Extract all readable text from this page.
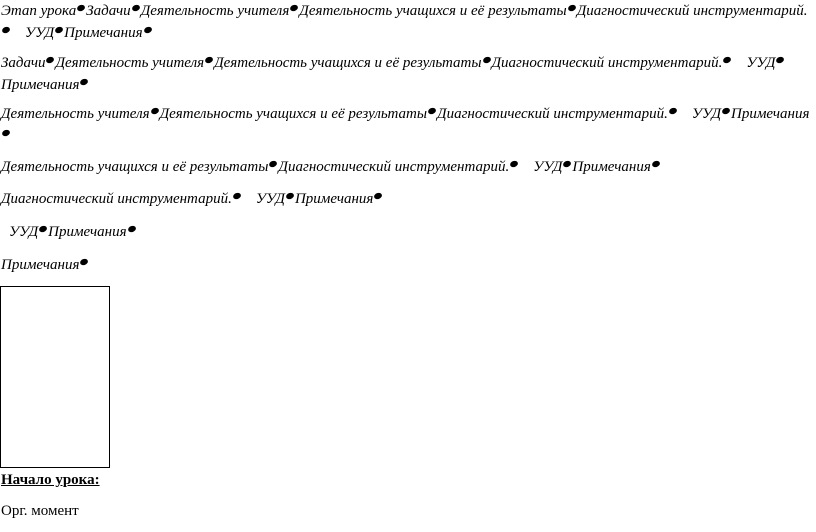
Этап урока Задачи Деятельность учителя Деятельность учащихся и её результаты Диагностический инструментарий.УУД Примечания
Задачи Деятельность учителя Деятельность учащихся и её результаты Диагностический инструментарий. УУДПримечания
Деятельность учителя Деятельность учащихся и её результаты Диагностический инструментарий. УУД Примечания
Деятельность учащихся и её результаты Диагностический инструментарий. УУД Примечания
Диагностический инструментарий. УУД Примечания
УУД Примечания
Примечания
Начало урока:
Орг. момент
